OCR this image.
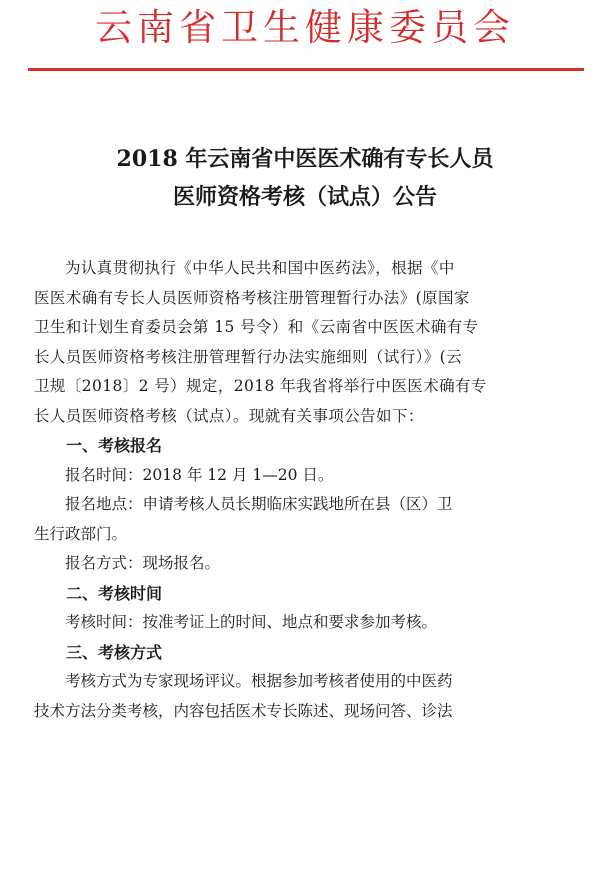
云南省卫生健康委员会
2018 年云南省中医医术确有专长人员
医师资格考核（试点）公告
为认真贯彻执行《中华人民共和国中医药法》，根据《中
医医术确有专长人员医师资格考核注册管理暂行办法》(原国家
卫生和计划生育委员会第 15 号令）和《云南省中医医术确有专
长人员医师资格考核注册管理暂行办法实施细则（试行）》(云
卫规〔2018〕2 号）规定，2018 年我省将举行中医医术确有专
长人员医师资格考核（试点）。现就有关事项公告如下：
一、考核报名
报名时间：2018 年 12 月 1—20 日。
报名地点：申请考核人员长期临床实践地所在县（区）卫
生行政部门。
报名方式：现场报名。
二、考核时间
考核时间：按准考证上的时间、地点和要求参加考核。
三、考核方式
考核方式为专家现场评议。根据参加考核者使用的中医药
技术方法分类考核，内容包括医术专长陈述、现场问答、诊法
